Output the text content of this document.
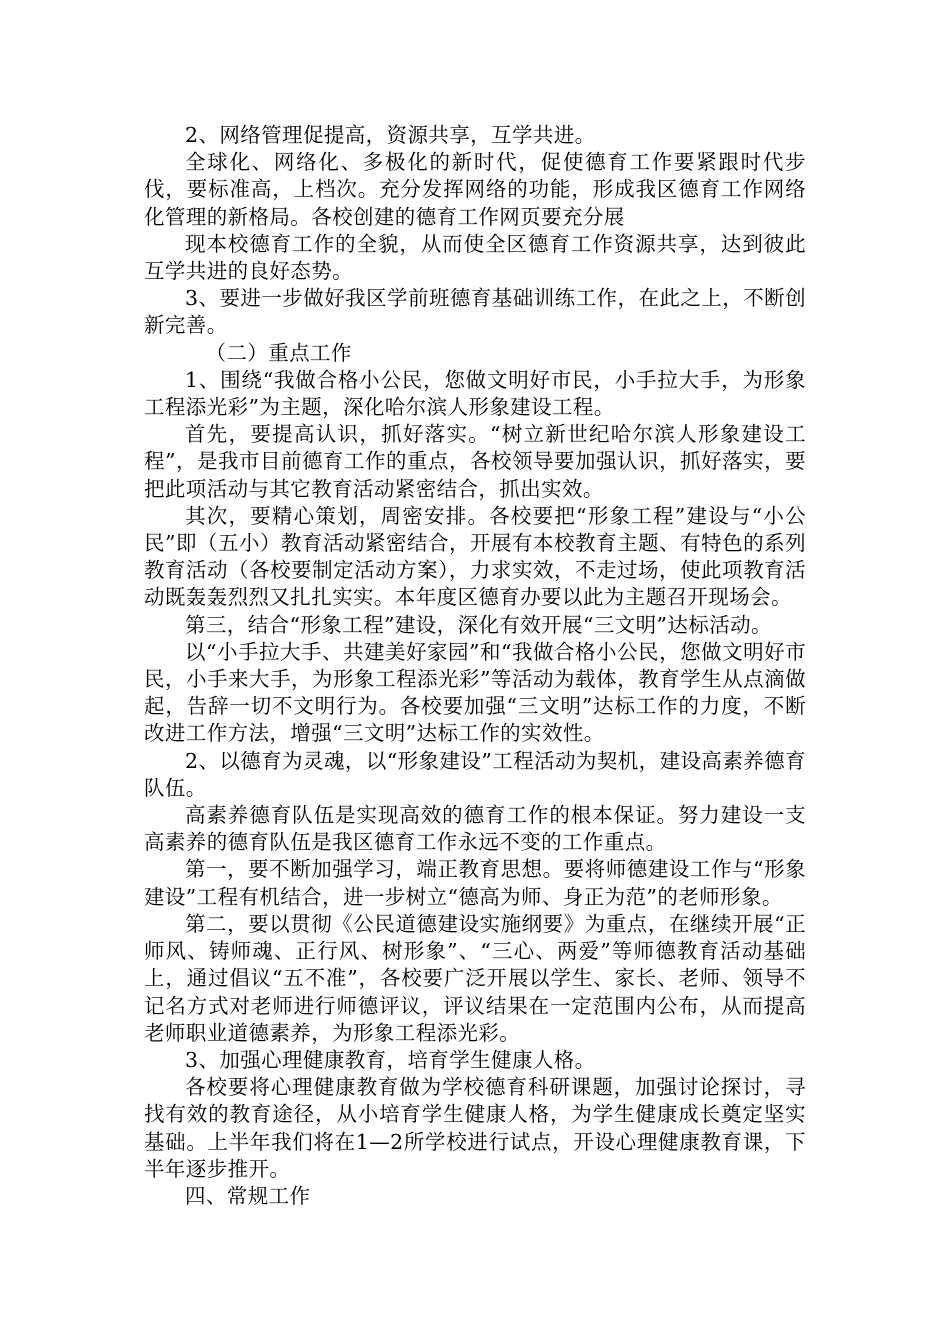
2、网络管理促提高，资源共享，互学共进。

全球化、网络化、多极化的新时代，促使德育工作要紧跟时代步伐，要标准高，上档次。充分发挥网络的功能，形成我区德育工作网络化管理的新格局。各校创建的德育工作网页要充分展

现本校德育工作的全貌，从而使全区德育工作资源共享，达到彼此互学共进的良好态势。

3、要进一步做好我区学前班德育基础训练工作，在此之上，不断创新完善。

（二）重点工作

1、围绕“我做合格小公民，您做文明好市民，小手拉大手，为形象工程添光彩”为主题，深化哈尔滨人形象建设工程。

首先，要提高认识，抓好落实。“树立新世纪哈尔滨人形象建设工程”，是我市目前德育工作的重点，各校领导要加强认识，抓好落实，要把此项活动与其它教育活动紧密结合，抓出实效。

其次，要精心策划，周密安排。各校要把“形象工程”建设与“小公民”即（五小）教育活动紧密结合，开展有本校教育主题、有特色的系列教育活动（各校要制定活动方案），力求实效，不走过场，使此项教育活动既轰轰烈烈又扎扎实实。本年度区德育办要以此为主题召开现场会。

第三，结合“形象工程”建设，深化有效开展“三文明”达标活动。

以“小手拉大手、共建美好家园”和“我做合格小公民，您做文明好市民，小手来大手，为形象工程添光彩”等活动为载体，教育学生从点滴做起，告辞一切不文明行为。各校要加强“三文明”达标工作的力度，不断改进工作方法，增强“三文明”达标工作的实效性。

2、以德育为灵魂，以“形象建设”工程活动为契机，建设高素养德育队伍。

高素养德育队伍是实现高效的德育工作的根本保证。努力建设一支高素养的德育队伍是我区德育工作永远不变的工作重点。

第一，要不断加强学习，端正教育思想。要将师德建设工作与“形象建设”工程有机结合，进一步树立“德高为师、身正为范”的老师形象。

第二，要以贯彻《公民道德建设实施纲要》为重点，在继续开展“正师风、铸师魂、正行风、树形象”、“三心、两爱”等师德教育活动基础上，通过倡议“五不准”，各校要广泛开展以学生、家长、老师、领导不记名方式对老师进行师德评议，评议结果在一定范围内公布，从而提高老师职业道德素养，为形象工程添光彩。

3、加强心理健康教育，培育学生健康人格。

各校要将心理健康教育做为学校德育科研课题，加强讨论探讨，寻找有效的教育途径，从小培育学生健康人格，为学生健康成长奠定坚实基础。上半年我们将在1—2所学校进行试点，开设心理健康教育课，下半年逐步推开。

四、常规工作
